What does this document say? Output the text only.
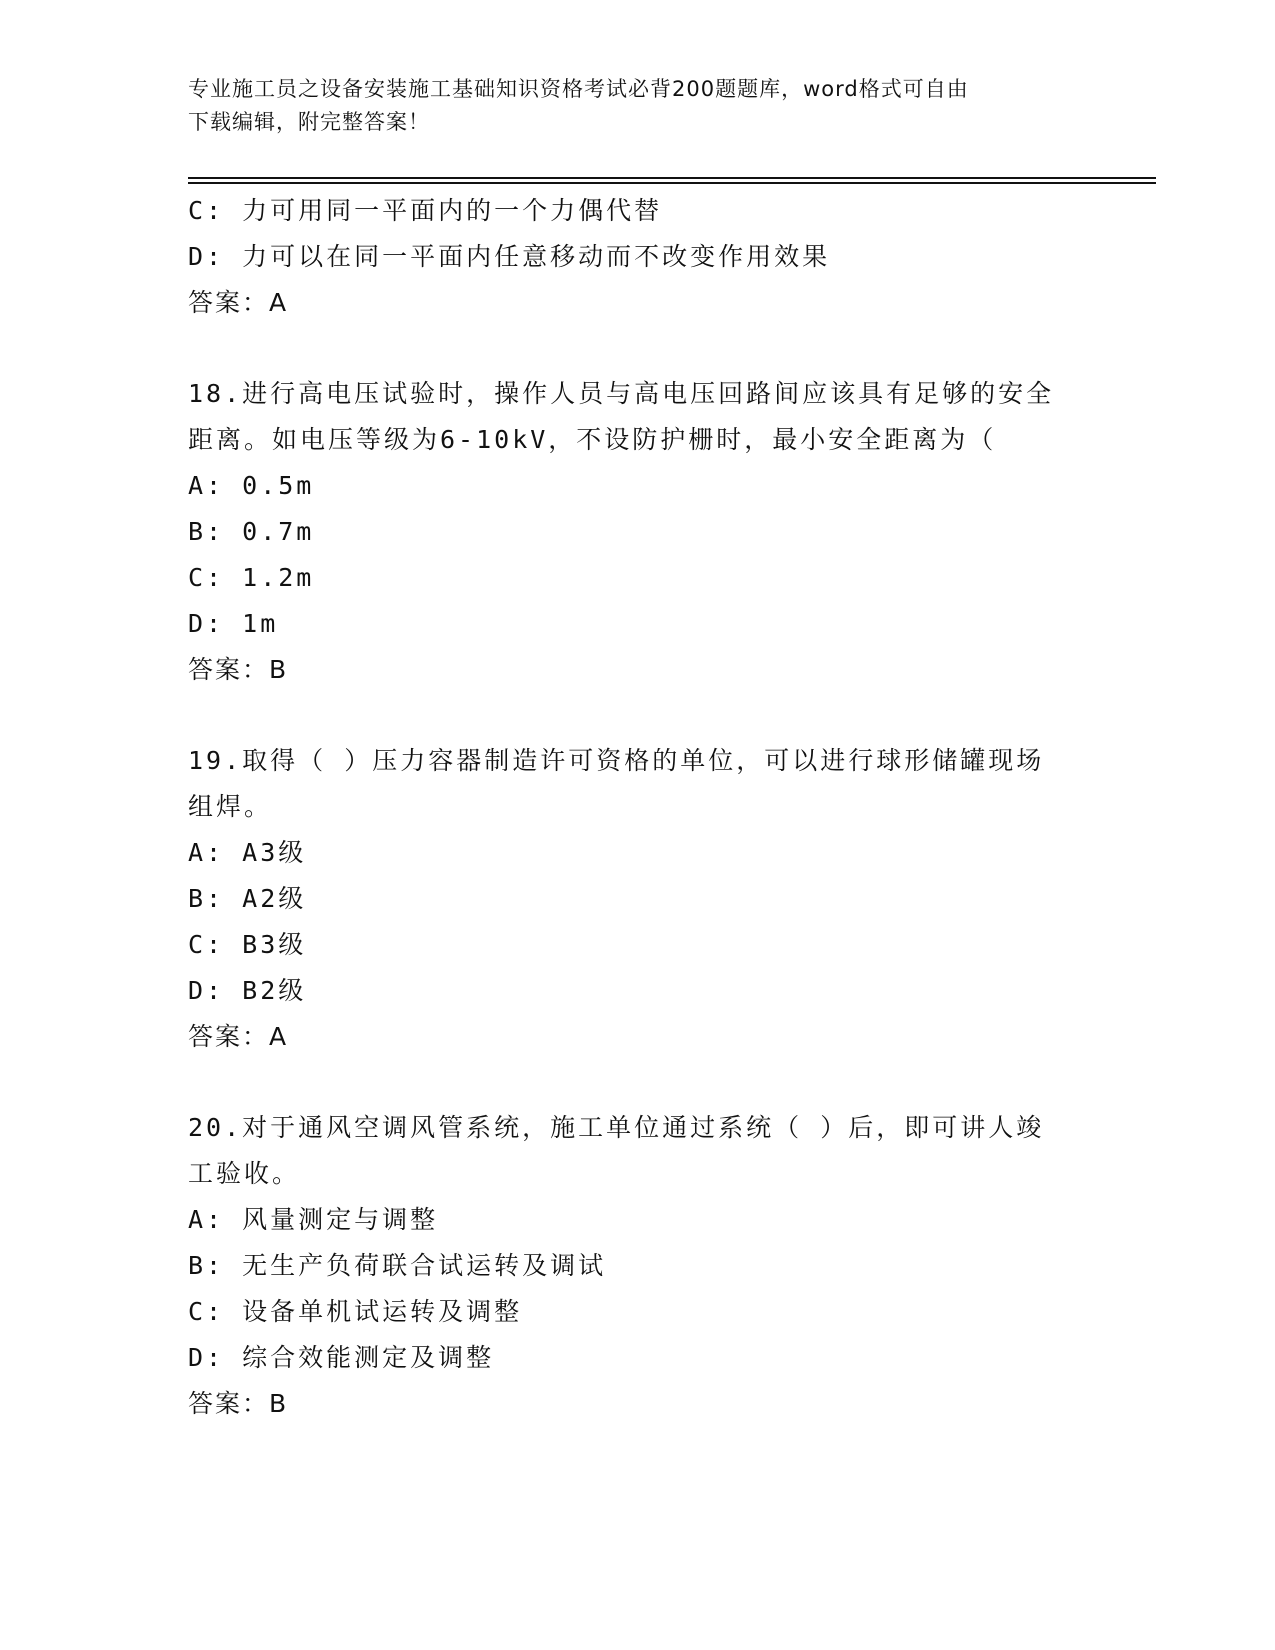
专业施工员之设备安装施工基础知识资格考试必背200题题库，word格式可自由
下载编辑，附完整答案！
C: 力可用同一平面内的一个力偶代替
D: 力可以在同一平面内任意移动而不改变作用效果
答案：A
18.进行高电压试验时，操作人员与高电压回路间应该具有足够的安全
距离。如电压等级为6-10kV，不设防护栅时，最小安全距离为（
A: 0.5m
B: 0.7m
C: 1.2m
D: 1m
答案：B
19.取得（ ）压力容器制造许可资格的单位，可以进行球形储罐现场
组焊。
A: A3级
B: A2级
C: B3级
D: B2级
答案：A
20.对于通风空调风管系统，施工单位通过系统（ ）后，即可讲人竣
工验收。
A: 风量测定与调整
B: 无生产负荷联合试运转及调试
C: 设备单机试运转及调整
D: 综合效能测定及调整
答案：B
